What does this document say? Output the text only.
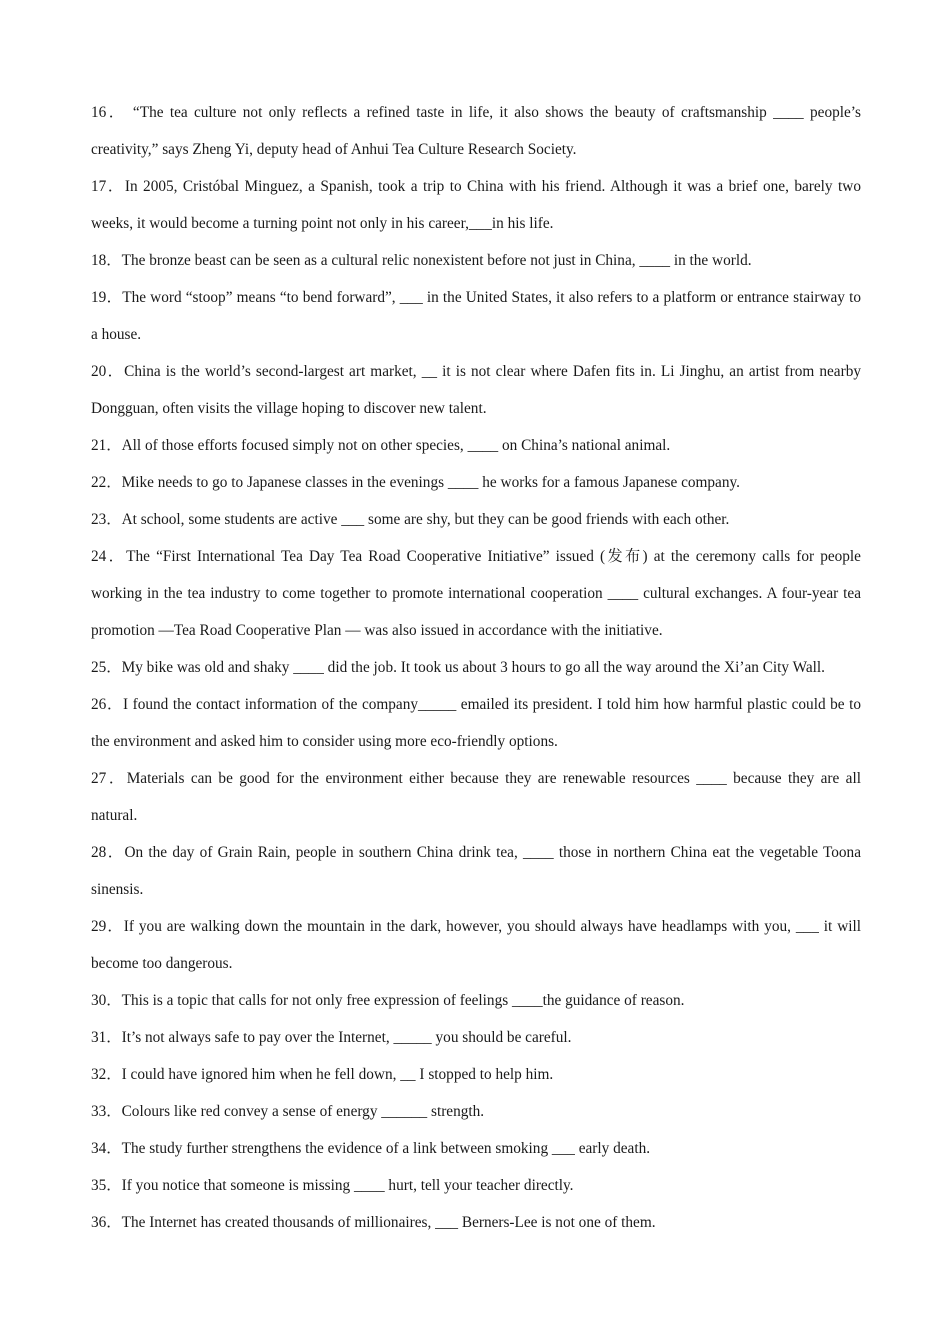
16． “The tea culture not only reflects a refined taste in life, it also shows the beauty of craftsmanship ____ people’s creativity,” says Zheng Yi, deputy head of Anhui Tea Culture Research Society.

17．In 2005, Cristóbal Minguez, a Spanish, took a trip to China with his friend. Although it was a brief one, barely two weeks, it would become a turning point not only in his career,___in his life.

18．The bronze beast can be seen as a cultural relic nonexistent before not just in China, ____ in the world.

19．The word “stoop” means “to bend forward”, ___ in the United States, it also refers to a platform or entrance stairway to a house.

20．China is the world’s second-largest art market, __ it is not clear where Dafen fits in. Li Jinghu, an artist from nearby Dongguan, often visits the village hoping to discover new talent.

21．All of those efforts focused simply not on other species, ____ on China’s national animal.

22．Mike needs to go to Japanese classes in the evenings ____ he works for a famous Japanese company.

23．At school, some students are active ___ some are shy, but they can be good friends with each other.

24．The “First International Tea Day Tea Road Cooperative Initiative” issued (发布) at the ceremony calls for people working in the tea industry to come together to promote international cooperation ____ cultural exchanges. A four-year tea promotion —Tea Road Cooperative Plan — was also issued in accordance with the initiative.

25．My bike was old and shaky ____ did the job. It took us about 3 hours to go all the way around the Xi’an City Wall.

26．I found the contact information of the company_____ emailed its president. I told him how harmful plastic could be to the environment and asked him to consider using more eco-friendly options.

27．Materials can be good for the environment either because they are renewable resources ____ because they are all natural.

28．On the day of Grain Rain, people in southern China drink tea, ____ those in northern China eat the vegetable Toona sinensis.

29．If you are walking down the mountain in the dark, however, you should always have headlamps with you, ___ it will become too dangerous.

30．This is a topic that calls for not only free expression of feelings ____the guidance of reason.

31．It’s not always safe to pay over the Internet, _____ you should be careful.

32．I could have ignored him when he fell down, __ I stopped to help him.

33．Colours like red convey a sense of energy ______ strength.

34．The study further strengthens the evidence of a link between smoking ___ early death.

35．If you notice that someone is missing ____ hurt, tell your teacher directly.

36．The Internet has created thousands of millionaires, ___ Berners-Lee is not one of them.
